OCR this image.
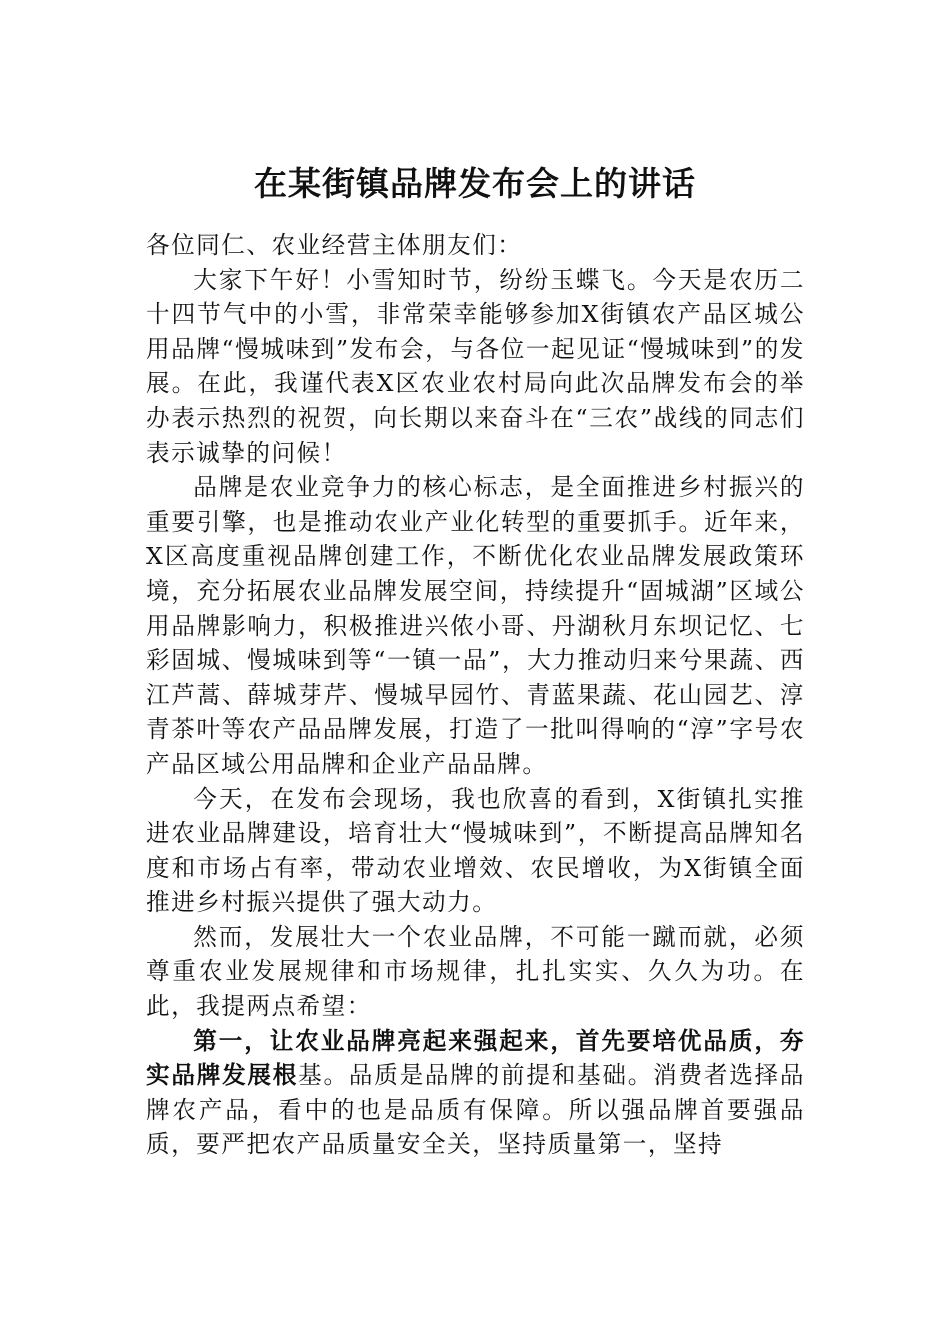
在某街镇品牌发布会上的讲话

各位同仁、农业经营主体朋友们：

大家下午好！小雪知时节，纷纷玉蝶飞。今天是农历二十四节气中的小雪，非常荣幸能够参加X街镇农产品区城公用品牌“慢城味到”发布会，与各位一起见证“慢城味到”的发展。在此，我谨代表X区农业农村局向此次品牌发布会的举办表示热烈的祝贺，向长期以来奋斗在“三农”战线的同志们表示诚挚的问候！

品牌是农业竞争力的核心标志，是全面推进乡村振兴的重要引擎，也是推动农业产业化转型的重要抓手。近年来，X区高度重视品牌创建工作，不断优化农业品牌发展政策环境，充分拓展农业品牌发展空间，持续提升“固城湖”区域公用品牌影响力，积极推进兴侬小哥、丹湖秋月东坝记忆、七彩固城、慢城味到等“一镇一品”，大力推动归来兮果蔬、西江芦蒿、薛城芽芹、慢城早园竹、青蓝果蔬、花山园艺、淳青茶叶等农产品品牌发展，打造了一批叫得响的“淳”字号农产品区域公用品牌和企业产品品牌。

今天，在发布会现场，我也欣喜的看到，X街镇扎实推进农业品牌建设，培育壮大“慢城味到”，不断提高品牌知名度和市场占有率，带动农业增效、农民增收，为X街镇全面推进乡村振兴提供了强大动力。

然而，发展壮大一个农业品牌，不可能一蹴而就，必须尊重农业发展规律和市场规律，扎扎实实、久久为功。在此，我提两点希望：

第一，让农业品牌亮起来强起来，首先要培优品质，夯实品牌发展根基。品质是品牌的前提和基础。消费者选择品牌农产品，看中的也是品质有保障。所以强品牌首要强品质，要严把农产品质量安全关，坚持质量第一，坚持
